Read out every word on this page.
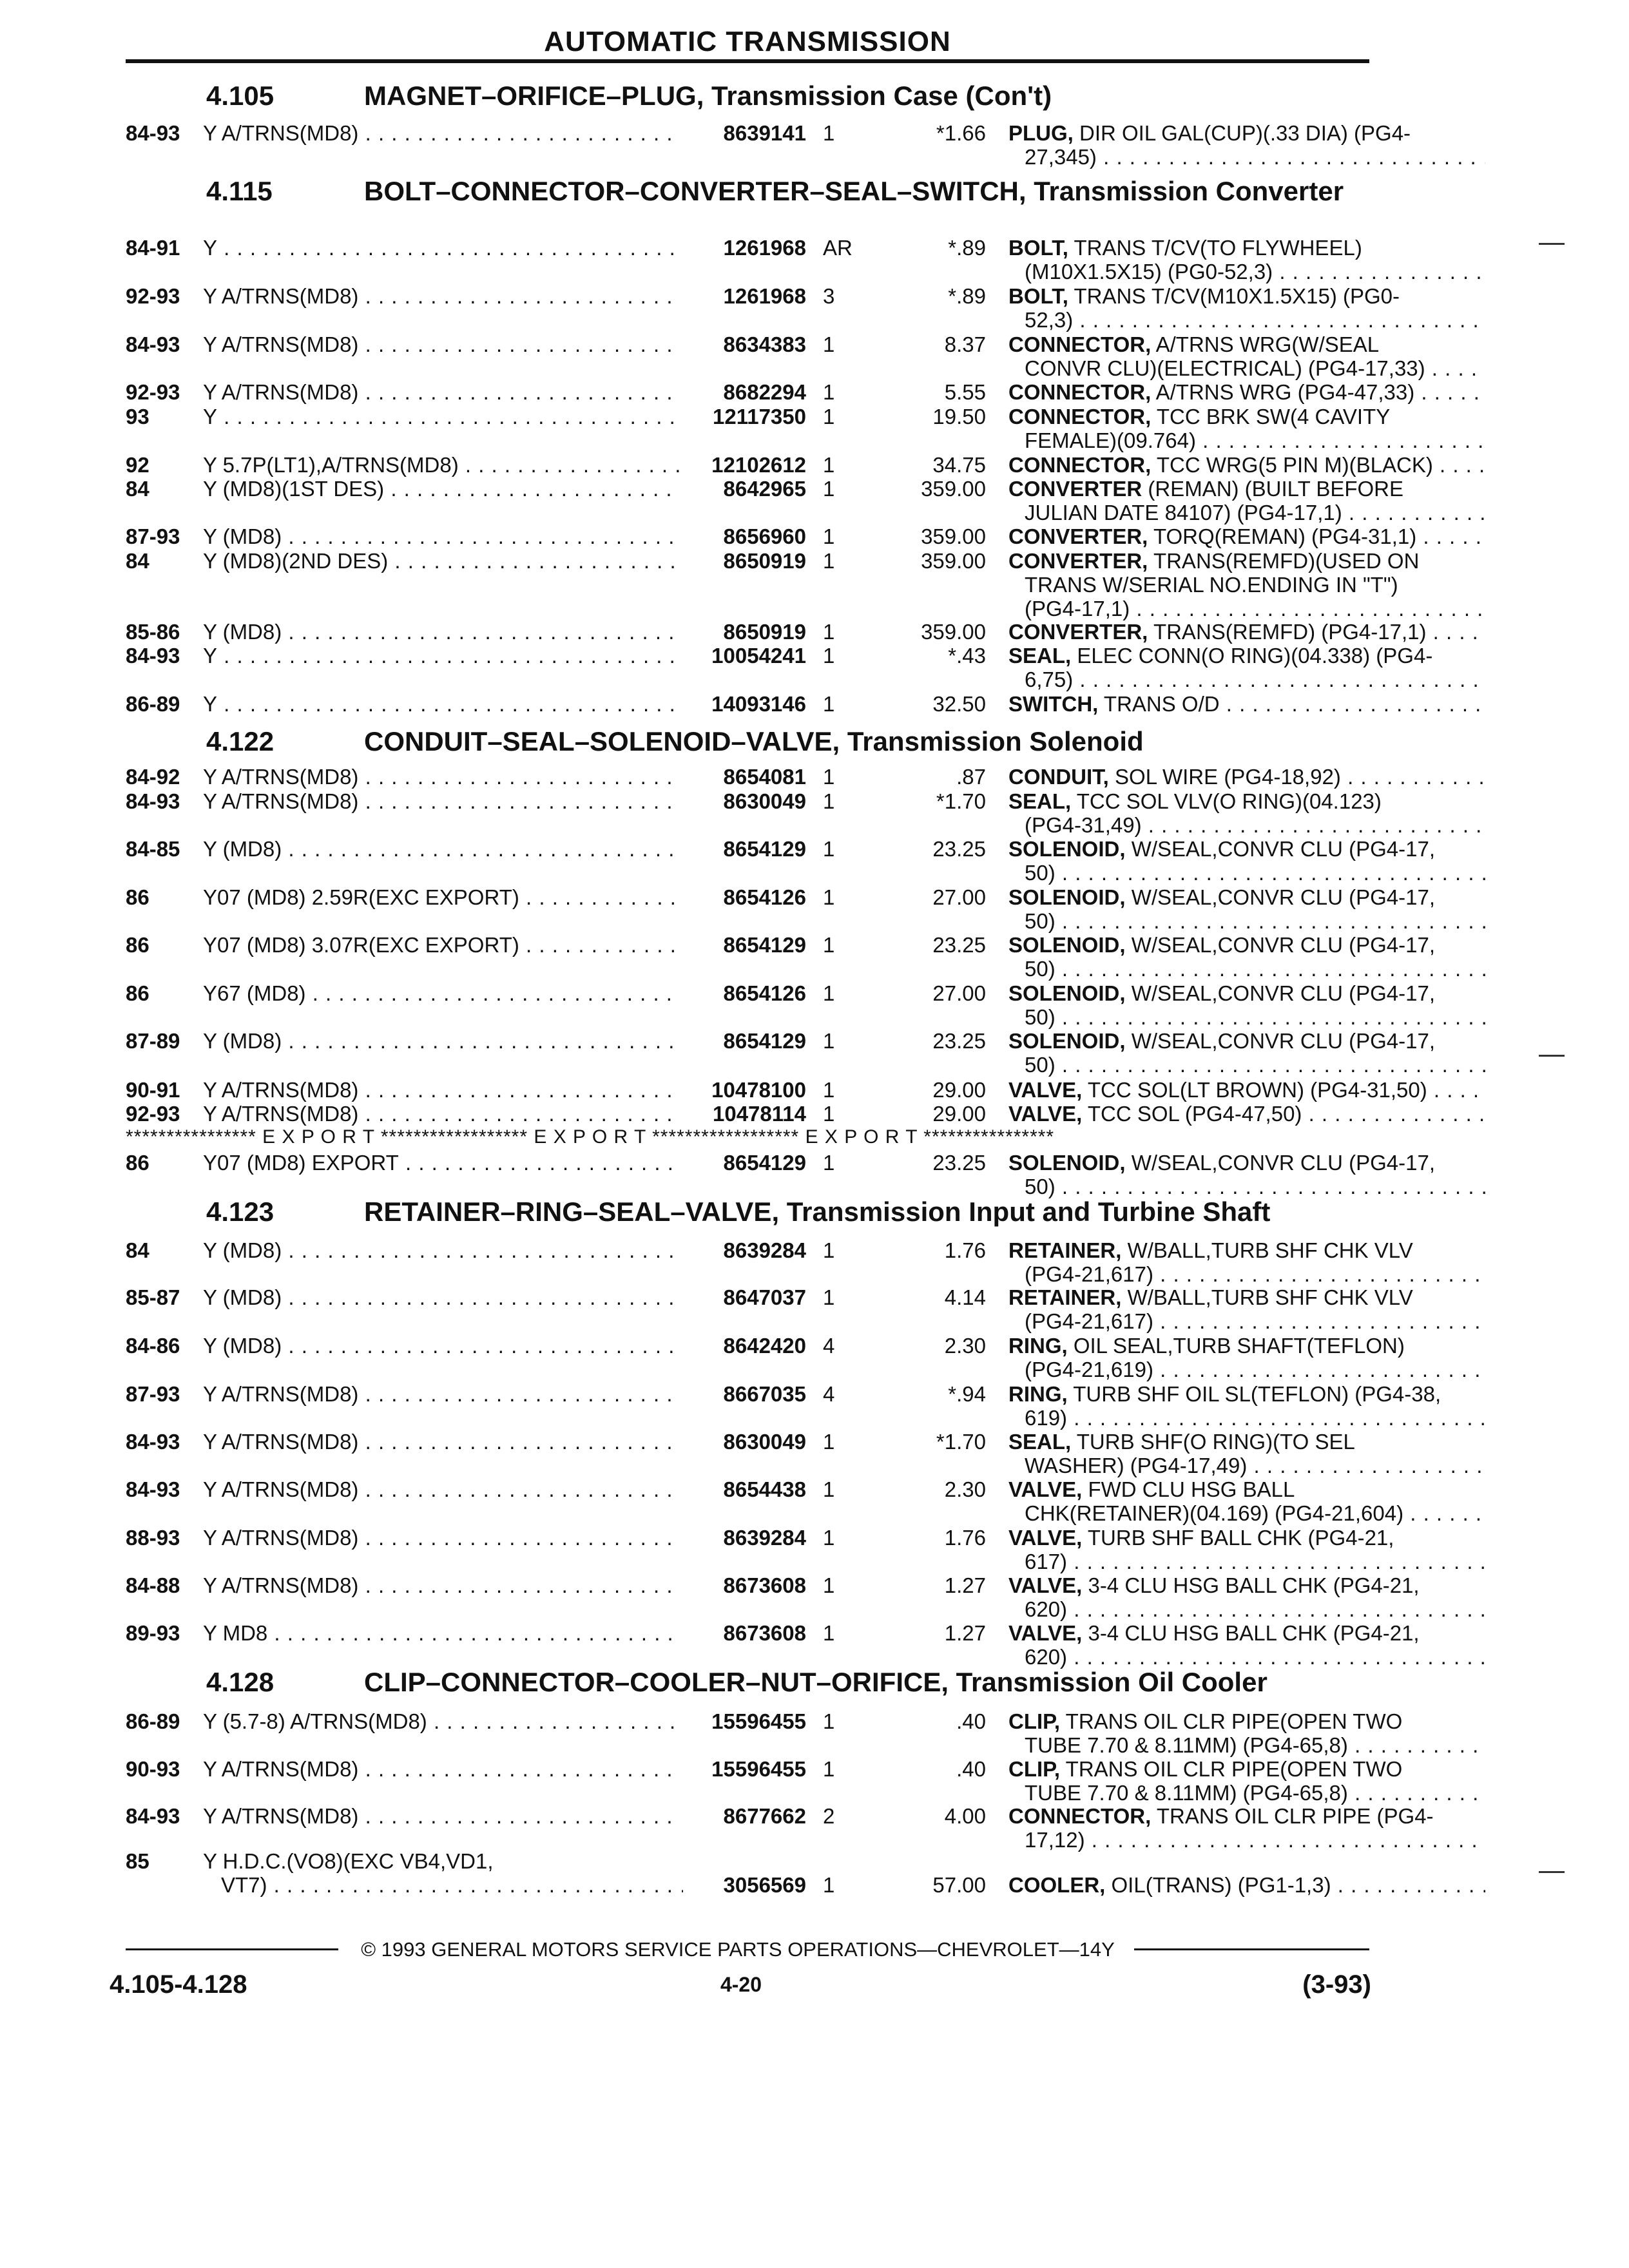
AUTOMATIC TRANSMISSION
4.105	MAGNET–ORIFICE–PLUG, Transmission Case (Con't)
84-93 Y A/TRNS(MD8) . . .	8639141 1	*1.66 PLUG, DIR OIL GAL(CUP)(.33 DIA) (PG4-
27,345) . . .
4.115	BOLT–CONNECTOR–CONVERTER–SEAL–SWITCH, Transmission Converter
84-91 Y . . .	1261968 AR	*.89 BOLT, TRANS T/CV(TO FLYWHEEL)
(M10X1.5X15) (PG0-52,3) . . .
92-93 Y A/TRNS(MD8) . . .	1261968 3	*.89 BOLT, TRANS T/CV(M10X1.5X15) (PG0-
52,3) . . .
84-93 Y A/TRNS(MD8) . . .	8634383 1	8.37 CONNECTOR, A/TRNS WRG(W/SEAL
CONVR CLU)(ELECTRICAL) (PG4-17,33) . . .
92-93 Y A/TRNS(MD8) . . .	8682294 1	5.55 CONNECTOR, A/TRNS WRG (PG4-47,33) . . .
93	Y . . .	12117350 1	19.50 CONNECTOR, TCC BRK SW(4 CAVITY
FEMALE)(09.764) . . .
92	Y 5.7P(LT1),A/TRNS(MD8) . . .	12102612 1	34.75 CONNECTOR, TCC WRG(5 PIN M)(BLACK) . . .
84	Y (MD8)(1ST DES) . . .	8642965 1	359.00 CONVERTER (REMAN) (BUILT BEFORE
JULIAN DATE 84107) (PG4-17,1) . . .
87-93 Y (MD8) . . .	8656960 1	359.00 CONVERTER, TORQ(REMAN) (PG4-31,1) . . .
84	Y (MD8)(2ND DES) . . .	8650919 1	359.00 CONVERTER, TRANS(REMFD)(USED ON
TRANS W/SERIAL NO.ENDING IN "T")
(PG4-17,1) . . .
85-86 Y (MD8) . . .	8650919 1	359.00 CONVERTER, TRANS(REMFD) (PG4-17,1) . . .
84-93 Y . . .	10054241 1	*.43 SEAL, ELEC CONN(O RING)(04.338) (PG4-
6,75) . . .
86-89 Y . . .	14093146 1	32.50 SWITCH, TRANS O/D . . .
4.122	CONDUIT–SEAL–SOLENOID–VALVE, Transmission Solenoid
**************** E X P O R T ****************** E X P O R T ****************** E X P O R T ****************
84-92 Y A/TRNS(MD8) . . .	8654081 1	.87 CONDUIT, SOL WIRE (PG4-18,92) . . .
84-93 Y A/TRNS(MD8) . . .	8630049 1	*1.70 SEAL, TCC SOL VLV(O RING)(04.123)
(PG4-31,49) . . .
84-85 Y (MD8) . . .	8654129 1	23.25 SOLENOID, W/SEAL,CONVR CLU (PG4-17,
50) . . .
86	Y07 (MD8) 2.59R(EXC EXPORT) . . .	8654126 1	27.00 SOLENOID, W/SEAL,CONVR CLU (PG4-17,
50) . . .
86	Y07 (MD8) 3.07R(EXC EXPORT) . . .	8654129 1	23.25 SOLENOID, W/SEAL,CONVR CLU (PG4-17,
50) . . .
86	Y67 (MD8) . . .	8654126 1	27.00 SOLENOID, W/SEAL,CONVR CLU (PG4-17,
50) . . .
87-89 Y (MD8) . . .	8654129 1	23.25 SOLENOID, W/SEAL,CONVR CLU (PG4-17,
50) . . .
90-91 Y A/TRNS(MD8) . . .	10478100 1	29.00 VALVE, TCC SOL(LT BROWN) (PG4-31,50) . . .
92-93 Y A/TRNS(MD8) . . .	10478114 1	29.00 VALVE, TCC SOL (PG4-47,50) . . .
86	Y07 (MD8) EXPORT . . .	8654129 1	23.25 SOLENOID, W/SEAL,CONVR CLU (PG4-17,
50) . . .
4.123	RETAINER–RING–SEAL–VALVE, Transmission Input and Turbine Shaft
84	Y (MD8) . . .	8639284 1	1.76 RETAINER, W/BALL,TURB SHF CHK VLV
(PG4-21,617) . . .
85-87 Y (MD8) . . .	8647037 1	4.14 RETAINER, W/BALL,TURB SHF CHK VLV
(PG4-21,617) . . .
84-86 Y (MD8) . . .	8642420 4	2.30 RING, OIL SEAL,TURB SHAFT(TEFLON)
(PG4-21,619) . . .
87-93 Y A/TRNS(MD8) . . .	8667035 4	*.94 RING, TURB SHF OIL SL(TEFLON) (PG4-38,
619) . . .
84-93 Y A/TRNS(MD8) . . .	8630049 1	*1.70 SEAL, TURB SHF(O RING)(TO SEL
WASHER) (PG4-17,49) . . .
84-93 Y A/TRNS(MD8) . . .	8654438 1	2.30 VALVE, FWD CLU HSG BALL
CHK(RETAINER)(04.169) (PG4-21,604) . . .
88-93 Y A/TRNS(MD8) . . .	8639284 1	1.76 VALVE, TURB SHF BALL CHK (PG4-21,
617) . . .
84-88 Y A/TRNS(MD8) . . .	8673608 1	1.27 VALVE, 3-4 CLU HSG BALL CHK (PG4-21,
620) . . .
89-93 Y MD8 . . .	8673608 1	1.27 VALVE, 3-4 CLU HSG BALL CHK (PG4-21,
620) . . .
4.128	CLIP–CONNECTOR–COOLER–NUT–ORIFICE, Transmission Oil Cooler
86-89 Y (5.7-8) A/TRNS(MD8) . . .	15596455 1	.40 CLIP, TRANS OIL CLR PIPE(OPEN TWO
TUBE 7.70 & 8.11MM) (PG4-65,8) . . .
90-93 Y A/TRNS(MD8) . . .	15596455 1	.40 CLIP, TRANS OIL CLR PIPE(OPEN TWO
TUBE 7.70 & 8.11MM) (PG4-65,8) . . .
84-93 Y A/TRNS(MD8) . . .	8677662 2	4.00 CONNECTOR, TRANS OIL CLR PIPE (PG4-
17,12) . . .
85	Y H.D.C.(VO8)(EXC VB4,VD1,
VT7) . . .	3056569 1	57.00 COOLER, OIL(TRANS) (PG1-1,3) . . .
© 1993 GENERAL MOTORS SERVICE PARTS OPERATIONS—CHEVROLET—14Y
4.105-4.128	4-20	(3-93)
